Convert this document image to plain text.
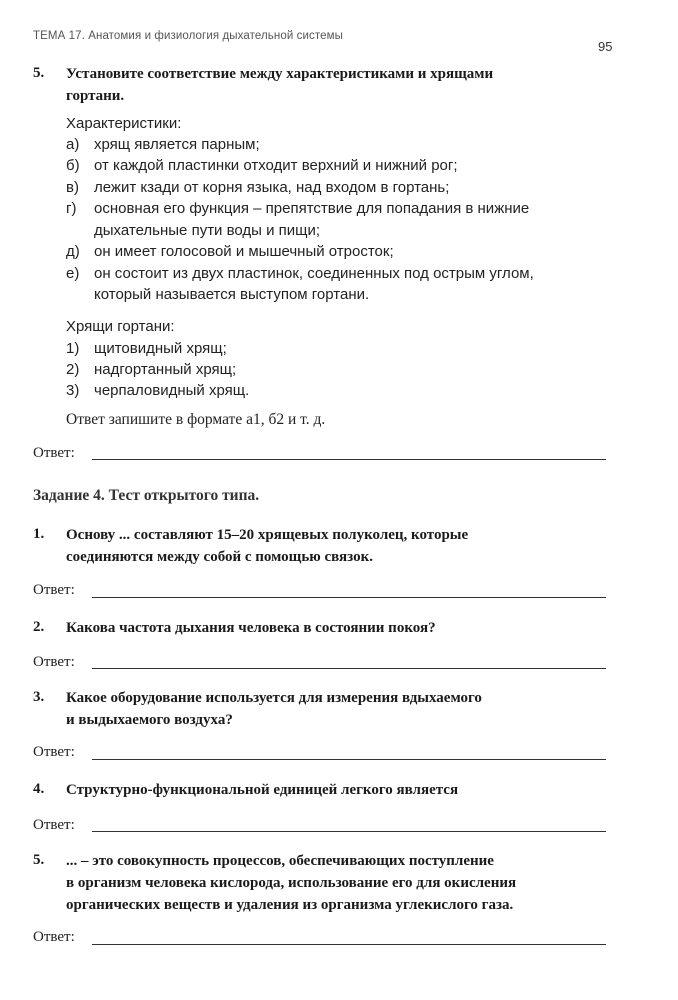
ТЕМА 17. Анатомия и физиология дыхательной системы
95
5. Установите соответствие между характеристиками и хрящами
гортани.
Характеристики:
а) хрящ является парным;
б) от каждой пластинки отходит верхний и нижний рог;
в)	лежит кзади от корня языка, над входом в гортань;
г)	основная его функция – препятствие для попадания в нижние
дыхательные пути воды и пищи;
д) он имеет голосовой и мышечный отросток;
е) он состоит из двух пластинок, соединенных под острым углом,
который называется выступом гортани.
Хрящи гортани:
1) щитовидный хрящ;
2) надгортанный хрящ;
3) черпаловидный хрящ.
Ответ запишите в формате а1, б2 и т. д.
Ответ:
Задание 4. Тест открытого типа.
1. Основу ... составляют 15–20 хрящевых полуколец, которые
соединяются между собой с помощью связок.
Ответ:
2. Какова частота дыхания человека в состоянии покоя?
Ответ:
3. Какое оборудование используется для измерения вдыхаемого
и выдыхаемого воздуха?
Ответ:
4. Структурно-функциональной единицей легкого является
Ответ:
5. ... – это совокупность процессов, обеспечивающих поступление
в организм человека кислорода, использование его для окисления
органических веществ и удаления из организма углекислого газа.
Ответ:
